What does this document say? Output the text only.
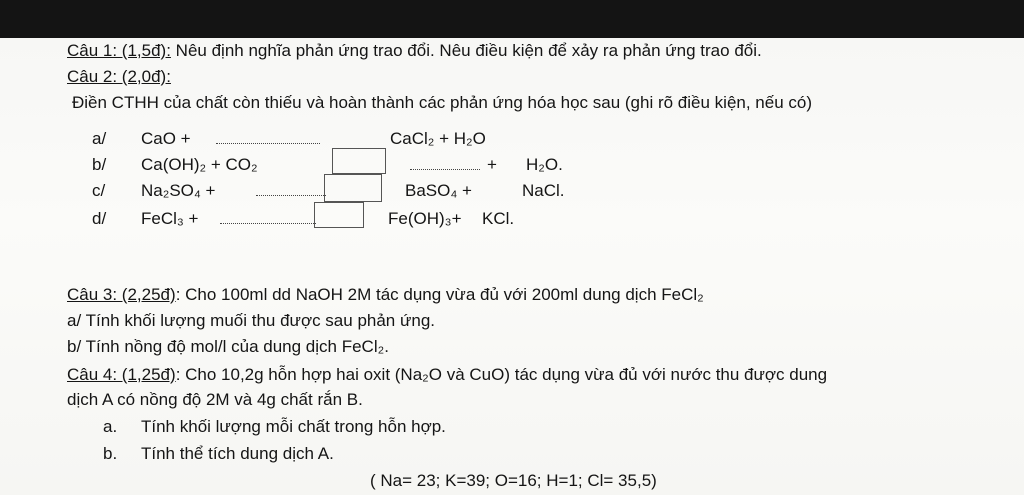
Câu 1: (1,5đ): Nêu định nghĩa phản ứng trao đổi. Nêu điều kiện để xảy ra phản ứng trao đổi.
Câu 2: (2,0đ):
Điền CTHH của chất còn thiếu và hoàn thành các phản ứng hóa học sau (ghi rõ điều kiện, nếu có)
a/ CaO +	CaCl₂ + H₂O
b/ Ca(OH)₂ + CO₂	+ H₂O.
c/ Na₂SO₄ +	BaSO₄ +	NaCl.
d/ FeCl₃ +	Fe(OH)₃+ KCl.
Câu 3: (2,25đ): Cho 100ml dd NaOH 2M tác dụng vừa đủ với 200ml dung dịch FeCl₂
a/ Tính khối lượng muối thu được sau phản ứng.
b/ Tính nồng độ mol/l của dung dịch FeCl₂.
Câu 4: (1,25đ): Cho 10,2g hỗn hợp hai oxit (Na₂O và CuO) tác dụng vừa đủ với nước thu được dung
dịch A có nồng độ 2M và 4g chất rắn B.
a. Tính khối lượng mỗi chất trong hỗn hợp.
b. Tính thể tích dung dịch A.
( Na= 23; K=39; O=16; H=1; Cl= 35,5)
